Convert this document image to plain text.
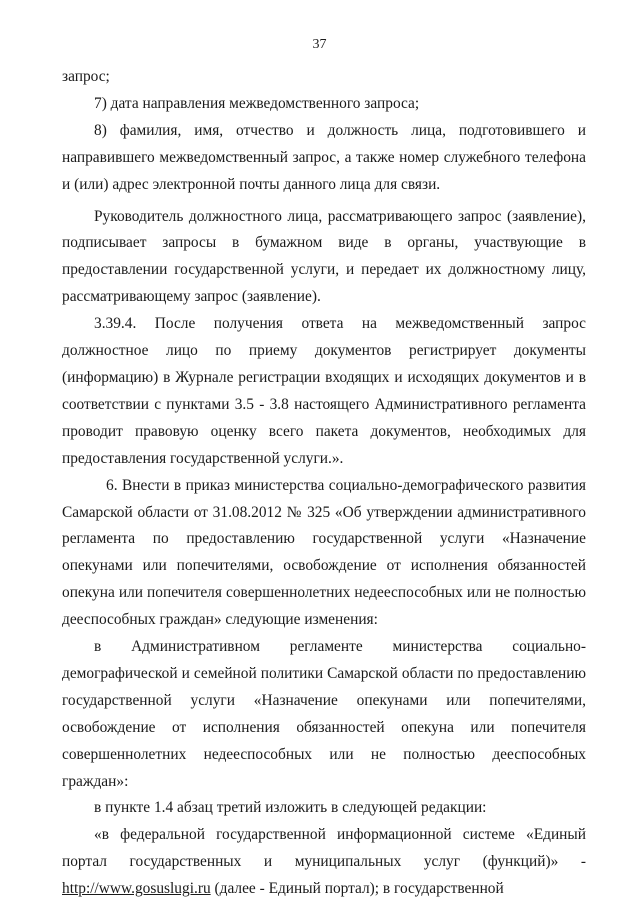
37

запрос;

7) дата направления межведомственного запроса;

8) фамилия, имя, отчество и должность лица, подготовившего и направившего межведомственный запрос, а также номер служебного телефона и (или) адрес электронной почты данного лица для связи.

Руководитель должностного лица, рассматривающего запрос (заявление), подписывает запросы в бумажном виде в органы, участвующие в предоставлении государственной услуги, и передает их должностному лицу, рассматривающему запрос (заявление).

3.39.4. После получения ответа на межведомственный запрос должностное лицо по приему документов регистрирует документы (информацию) в Журнале регистрации входящих и исходящих документов и в соответствии с пунктами 3.5 - 3.8 настоящего Административного регламента проводит правовую оценку всего пакета документов, необходимых для предоставления государственной услуги.».

6. Внести в приказ министерства социально-демографического развития Самарской области от 31.08.2012 № 325 «Об утверждении административного регламента по предоставлению государственной услуги «Назначение опекунами или попечителями, освобождение от исполнения обязанностей опекуна или попечителя совершеннолетних недееспособных или не полностью дееспособных граждан» следующие изменения:

в Административном регламенте министерства социально-демографической и семейной политики Самарской области по предоставлению государственной услуги «Назначение опекунами или попечителями, освобождение от исполнения обязанностей опекуна или попечителя совершеннолетних недееспособных или не полностью дееспособных граждан»:

в пункте 1.4 абзац третий изложить в следующей редакции:

«в федеральной государственной информационной системе «Единый портал государственных и муниципальных услуг (функций)» - http://www.gosuslugi.ru (далее - Единый портал); в государственной
